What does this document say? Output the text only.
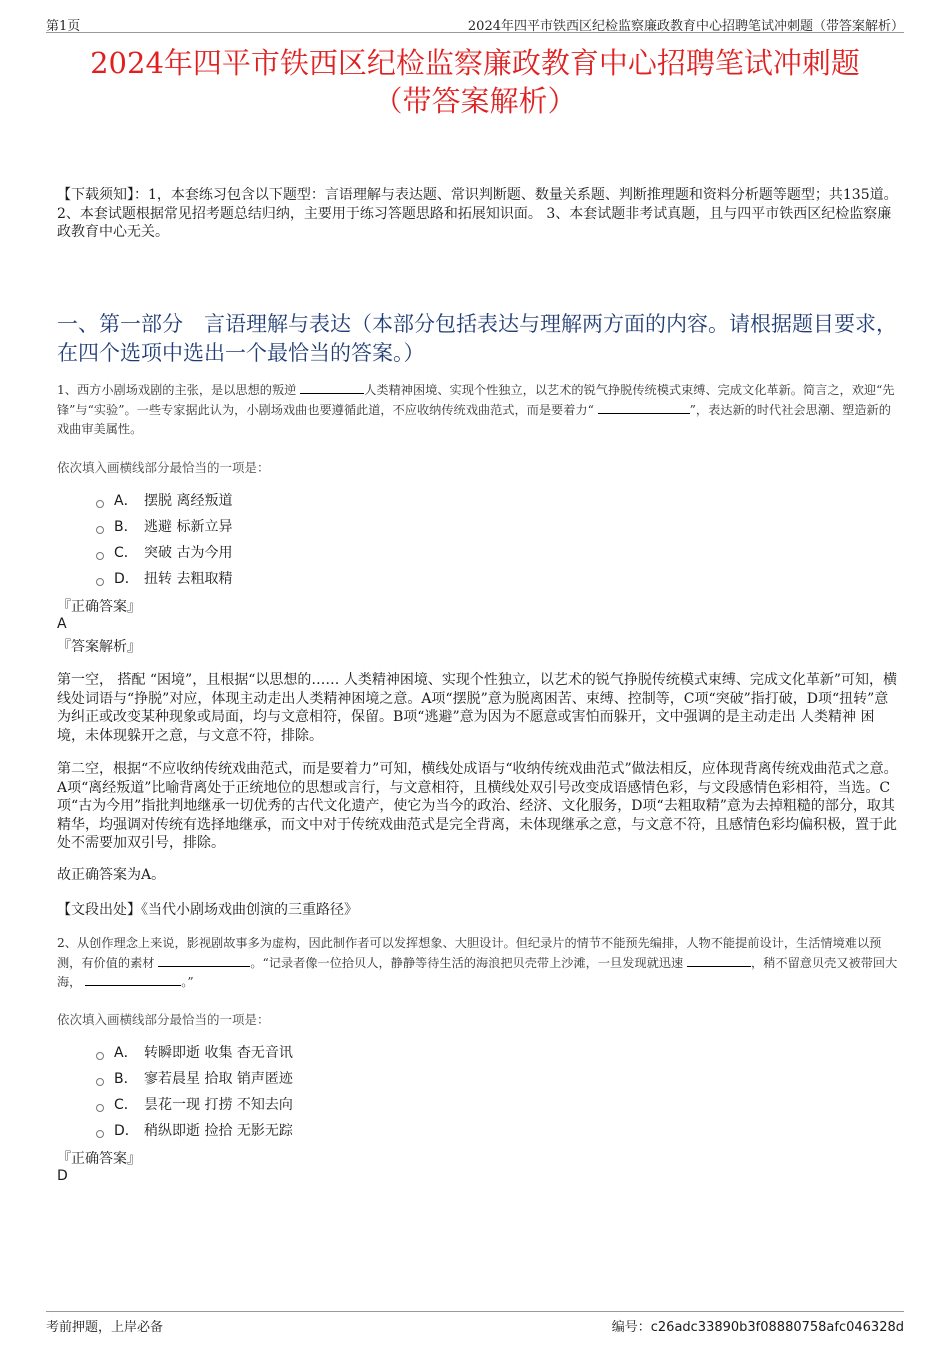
第1页	2024年四平市铁西区纪检监察廉政教育中心招聘笔试冲刺题（带答案解析）
2024年四平市铁西区纪检监察廉政教育中心招聘笔试冲刺题
（带答案解析）
【下载须知】：1，本套练习包含以下题型：言语理解与表达题、常识判断题、数量关系题、判断推理题和资料分析题等题型；共135道。 2、本套试题根据常见招考题总结归纳，主要用于练习答题思路和拓展知识面。 3、本套试题非考试真题，且与四平市铁西区纪检监察廉政教育中心无关。
一、第一部分　言语理解与表达（本部分包括表达与理解两方面的内容。请根据题目要求，在四个选项中选出一个最恰当的答案。）
1、西方小剧场戏剧的主张，是以思想的叛逆	人类精神困境、实现个性独立，以艺术的锐气挣脱传统模式束缚、完成文化革新。简言之，欢迎“先锋”与“实验”。一些专家据此认为，小剧场戏曲也要遵循此道，不应收纳传统戏曲范式，而是要着力“	”，表达新的时代社会思潮、塑造新的戏曲审美属性。
依次填入画横线部分最恰当的一项是：
A． 摆脱 离经叛道
B． 逃避 标新立异
C． 突破 古为今用
D． 扭转 去粗取精
『正确答案』
A
『答案解析』
第一空， 搭配 “困境”，且根据“以思想的…… 人类精神困境、实现个性独立，以艺术的锐气挣脱传统模式束缚、完成文化革新”可知，横线处词语与“挣脱”对应，体现主动走出人类精神困境之意。A项“摆脱”意为脱离困苦、束缚、控制等，C项“突破”指打破，D项“扭转”意为纠正或改变某种现象或局面，均与文意相符，保留。B项“逃避”意为因为不愿意或害怕而躲开，文中强调的是主动走出 人类精神 困境，未体现躲开之意，与文意不符，排除。
第二空，根据“不应收纳传统戏曲范式，而是要着力”可知，横线处成语与“收纳传统戏曲范式”做法相反，应体现背离传统戏曲范式之意。A项“离经叛道”比喻背离处于正统地位的思想或言行，与文意相符，且横线处双引号改变成语感情色彩，与文段感情色彩相符，当选。C项“古为今用”指批判地继承一切优秀的古代文化遗产，使它为当今的政治、经济、文化服务，D项“去粗取精”意为去掉粗糙的部分，取其精华，均强调对传统有选择地继承，而文中对于传统戏曲范式是完全背离，未体现继承之意，与文意不符，且感情色彩均偏积极，置于此处不需要加双引号，排除。
故正确答案为A。
【文段出处】《当代小剧场戏曲创演的三重路径》
2、从创作理念上来说，影视剧故事多为虚构，因此制作者可以发挥想象、大胆设计。但纪录片的情节不能预先编排，人物不能提前设计，生活情境难以预测，有价值的素材	。“记录者像一位拾贝人，静静等待生活的海浪把贝壳带上沙滩，一旦发现就迅速	，稍不留意贝壳又被带回大海，	。”
依次填入画横线部分最恰当的一项是：
A． 转瞬即逝 收集 杳无音讯
B． 寥若晨星 拾取 销声匿迹
C． 昙花一现 打捞 不知去向
D． 稍纵即逝 捡拾 无影无踪
『正确答案』
D
考前押题，上岸必备	编号：c26adc33890b3f08880758afc046328d
